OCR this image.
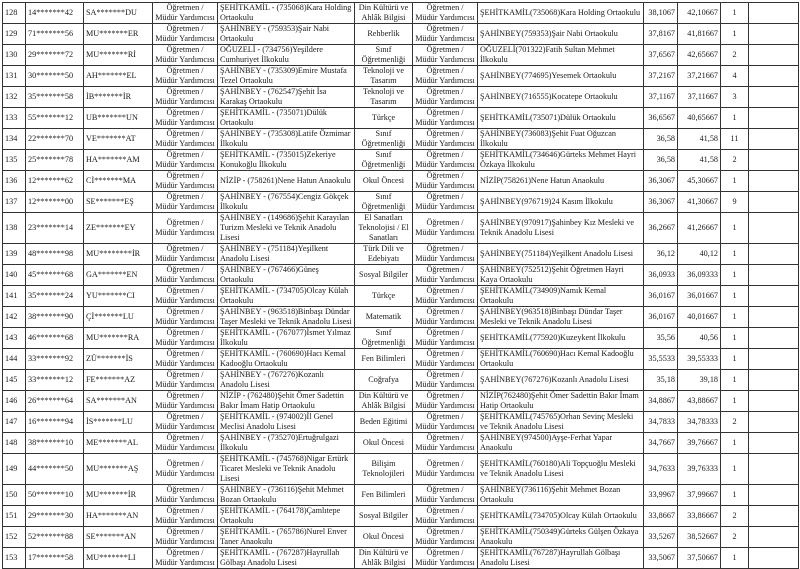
128	14*******42	SA*******DU	Öğretmen / Müdür Yardımcısı	ŞEHİTKAMİL - (735068)Kara Holding Ortaokulu	Din Kültürü ve Ahlâk Bilgisi	Öğretmen / Müdür Yardımcısı	ŞEHİTKAMİL(735068)Kara Holding Ortaokulu	38,1067	42,10667	1	
129	71*******56	MU*******ER	Öğretmen / Müdür Yardımcısı	ŞAHİNBEY - (759353)Şair Nabi Ortaokulu	Rehberlik	Öğretmen / Müdür Yardımcısı	ŞAHİNBEY(759353)Şair Nabi Ortaokulu	37,8167	41,81667	1	
130	29*******72	MU*******Rİ	Öğretmen / Müdür Yardımcısı	OĞUZELİ - (734756)Yeşildere Cumhuriyet İlkokulu	Sınıf Öğretmenliği	Öğretmen / Müdür Yardımcısı	OĞUZELİ(701322)Fatih Sultan Mehmet İlkokulu	37,6567	42,65667	2	
131	30*******50	AH*******EL	Öğretmen / Müdür Yardımcısı	ŞAHİNBEY - (735309)Emire Mustafa Tezel Ortaokulu	Teknoloji ve Tasarım	Öğretmen / Müdür Yardımcısı	ŞAHİNBEY(774695)Yesemek Ortaokulu	37,2167	37,21667	4	
132	35*******58	İB*******İR	Öğretmen / Müdür Yardımcısı	ŞAHİNBEY - (762547)Şehit İsa Karakaş Ortaokulu	Teknoloji ve Tasarım	Öğretmen / Müdür Yardımcısı	ŞAHİNBEY(716555)Kocatepe Ortaokulu	37,1167	37,11667	3	
133	55*******12	UB*******UN	Öğretmen / Müdür Yardımcısı	ŞEHİTKAMİL - (735071)Dülük Ortaokulu	Türkçe	Öğretmen / Müdür Yardımcısı	ŞEHİTKAMİL(735071)Dülük Ortaokulu	36,6567	40,65667	1	
134	22*******70	VE*******AT	Öğretmen / Müdür Yardımcısı	ŞAHİNBEY - (735308)Latife Özmimar İlkokulu	Sınıf Öğretmenliği	Öğretmen / Müdür Yardımcısı	ŞAHİNBEY(736083)Şehit Fuat Oğuzcan İlkokulu	36,58	41,58	11	
135	25*******78	HA*******AM	Öğretmen / Müdür Yardımcısı	ŞEHİTKAMİL - (735015)Zekeriye Konukoğlu İlkokulu	Sınıf Öğretmenliği	Öğretmen / Müdür Yardımcısı	ŞEHİTKAMİL(734646)Gürteks Mehmet Hayri Özkaya İlkokulu	36,58	41,58	2	
136	12*******62	Cİ*******MA	Öğretmen / Müdür Yardımcısı	NİZİP - (758261)Nene Hatun Anaokulu	Okul Öncesi	Öğretmen / Müdür Yardımcısı	NİZİP(758261)Nene Hatun Anaokulu	36,3067	45,30667	1	
137	12*******00	SE*******EŞ	Öğretmen / Müdür Yardımcısı	ŞAHİNBEY - (767554)Cengiz Gökçek İlkokulu	Sınıf Öğretmenliği	Öğretmen / Müdür Yardımcısı	ŞAHİNBEY(976719)24 Kasım İlkokulu	36,3067	41,30667	9	
138	23*******14	ZE*******EY	Öğretmen / Müdür Yardımcısı	ŞAHİNBEY - (149686)Şehit Karayılan Turizm Mesleki ve Teknik Anadolu Lisesi	El Sanatları Teknolojisi / El Sanatları	Öğretmen / Müdür Yardımcısı	ŞAHİNBEY(970917)Şahinbey Kız Mesleki ve Teknik Anadolu Lisesi	36,2667	41,26667	1	
139	48*******98	MU********İR	Öğretmen / Müdür Yardımcısı	ŞAHİNBEY - (751184)Yeşilkent Anadolu Lisesi	Türk Dili ve Edebiyatı	Öğretmen / Müdür Yardımcısı	ŞAHİNBEY(751184)Yeşilkent Anadolu Lisesi	36,12	40,12	1	
140	45*******68	GA*******EN	Öğretmen / Müdür Yardımcısı	ŞAHİNBEY - (767466)Güneş Ortaokulu	Sosyal Bilgiler	Öğretmen / Müdür Yardımcısı	ŞAHİNBEY(752512)Şehit Öğretmen Hayri Kaya Ortaokulu	36,0933	36,09333	1	
141	35*******24	YU*******CI	Öğretmen / Müdür Yardımcısı	ŞEHİTKAMİL - (734705)Olcay Külah Ortaokulu	Türkçe	Öğretmen / Müdür Yardımcısı	ŞEHİTKAMİL(734909)Namık Kemal Ortaokulu	36,0167	36,01667	1	
142	38*******90	Çİ*******LU	Öğretmen / Müdür Yardımcısı	ŞAHİNBEY - (963518)Binbaşı Dündar Taşer Mesleki ve Teknik Anadolu Lisesi	Matematik	Öğretmen / Müdür Yardımcısı	ŞAHİNBEY(963518)Binbaşı Dündar Taşer Mesleki ve Teknik Anadolu Lisesi	36,0167	40,01667	1	
143	46*******68	MU*******RA	Öğretmen / Müdür Yardımcısı	ŞEHİTKAMİL - (767077)İsmet Yılmaz İlkokulu	Sınıf Öğretmenliği	Öğretmen / Müdür Yardımcısı	ŞEHİTKAMİL(775920)Kuzeykent İlkokulu	35,56	40,56	1	
144	33*******92	ZÜ*******İS	Öğretmen / Müdür Yardımcısı	ŞEHİTKAMİL - (760690)Hacı Kemal Kadooğlu Ortaokulu	Fen Bilimleri	Öğretmen / Müdür Yardımcısı	ŞEHİTKAMİL(760690)Hacı Kemal Kadooğlu Ortaokulu	35,5533	39,55333	1	
145	33*******12	FE*******AZ	Öğretmen / Müdür Yardımcısı	ŞAHİNBEY - (767276)Kozanlı Anadolu Lisesi	Coğrafya	Öğretmen / Müdür Yardımcısı	ŞAHİNBEY(767276)Kozanlı Anadolu Lisesi	35,18	39,18	1	
146	26*******64	SA*******AN	Öğretmen / Müdür Yardımcısı	NİZİP - (762480)Şehit Ömer Sadettin Bakır İmam Hatip Ortaokulu	Din Kültürü ve Ahlâk Bilgisi	Öğretmen / Müdür Yardımcısı	NİZİP(762480)Şehit Ömer Sadettin Bakır İmam Hatip Ortaokulu	34,8867	43,88667	1	
147	16*******94	İS*******LU	Öğretmen / Müdür Yardımcısı	ŞEHİTKAMİL - (974002)İl Genel Meclisi Anadolu Lisesi	Beden Eğitimi	Öğretmen / Müdür Yardımcısı	ŞEHİTKAMİL(745765)Orhan Sevinç Mesleki ve Teknik Anadolu Lisesi	34,7833	34,78333	2	
148	38*******10	ME*******AL	Öğretmen / Müdür Yardımcısı	ŞAHİNBEY - (735270)Ertuğrulgazi İlkokulu	Okul Öncesi	Öğretmen / Müdür Yardımcısı	ŞAHİNBEY(974500)Ayşe-Ferhat Yapar Anaokulu	34,7667	39,76667	1	
149	44*******50	MU*******AŞ	Öğretmen / Müdür Yardımcısı	ŞEHİTKAMİL - (745768)Nigar Ertürk Ticaret Mesleki ve Teknik Anadolu Lisesi	Bilişim Teknolojileri	Öğretmen / Müdür Yardımcısı	ŞEHİTKAMİL(760180)Ali Topçuoğlu Mesleki ve Teknik Anadolu Lisesi	34,7633	39,76333	1	
150	50*******10	MU*******İR	Öğretmen / Müdür Yardımcısı	ŞAHİNBEY - (736116)Şehit Mehmet Bozan Ortaokulu	Fen Bilimleri	Öğretmen / Müdür Yardımcısı	ŞAHİNBEY(736116)Şehit Mehmet Bozan Ortaokulu	33,9967	37,99667	1	
151	29*******30	HA*******AN	Öğretmen / Müdür Yardımcısı	ŞEHİTKAMİL - (764178)Çamlıtepe Ortaokulu	Sosyal Bilgiler	Öğretmen / Müdür Yardımcısı	ŞEHİTKAMİL(734705)Olcay Külah Ortaokulu	33,8667	33,86667	2	
152	52*******88	SE*******AN	Öğretmen / Müdür Yardımcısı	ŞEHİTKAMİL - (765786)Nurel Enver Taner Anaokulu	Okul Öncesi	Öğretmen / Müdür Yardımcısı	ŞEHİTKAMİL(750349)Gürteks Gülşen Özkaya Anaokulu	33,5267	38,52667	2	
153	17*******58	MU*******LI	Öğretmen / Müdür Yardımcısı	ŞEHİTKAMİL - (767287)Hayrullah Gölbaşı Anadolu Lisesi	Din Kültürü ve Ahlâk Bilgisi	Öğretmen / Müdür Yardımcısı	ŞEHİTKAMİL(767287)Hayrullah Gölbaşı Anadolu Lisesi	33,5067	37,50667	1	
